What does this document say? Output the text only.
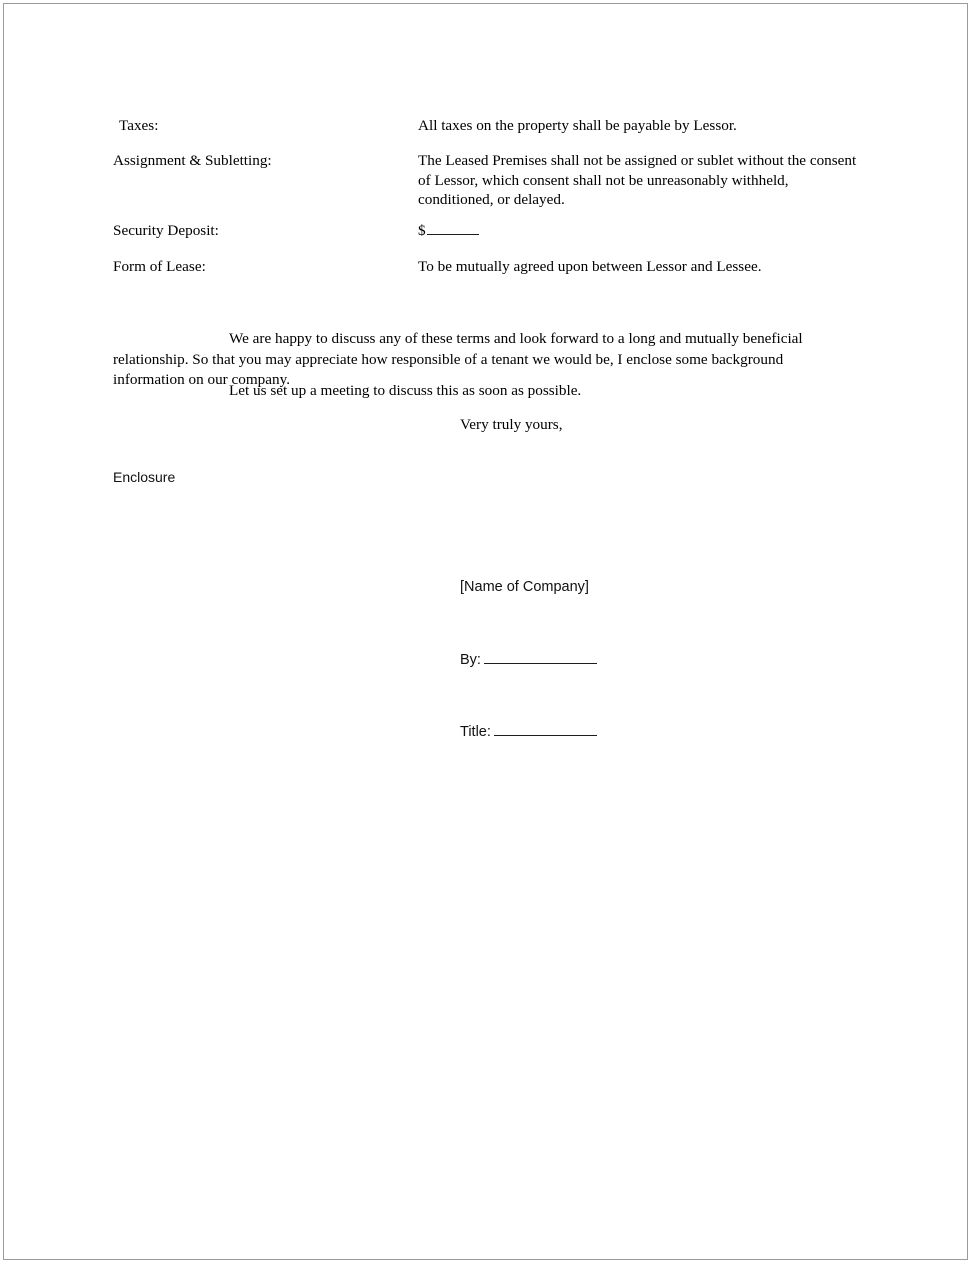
Taxes:	All taxes on the property shall be payable by Lessor.
Assignment & Subletting:	The Leased Premises shall not be assigned or sublet without the consent of Lessor, which consent shall not be unreasonably withheld, conditioned, or delayed.
Security Deposit:	$
Form of Lease:	To be mutually agreed upon between Lessor and Lessee.
We are happy to discuss any of these terms and look forward to a long and mutually beneficial relationship. So that you may appreciate how responsible of a tenant we would be, I enclose some background information on our company.
Let us set up a meeting to discuss this as soon as possible.
Very truly yours,
Enclosure
[Name of Company]
By:
Title:
